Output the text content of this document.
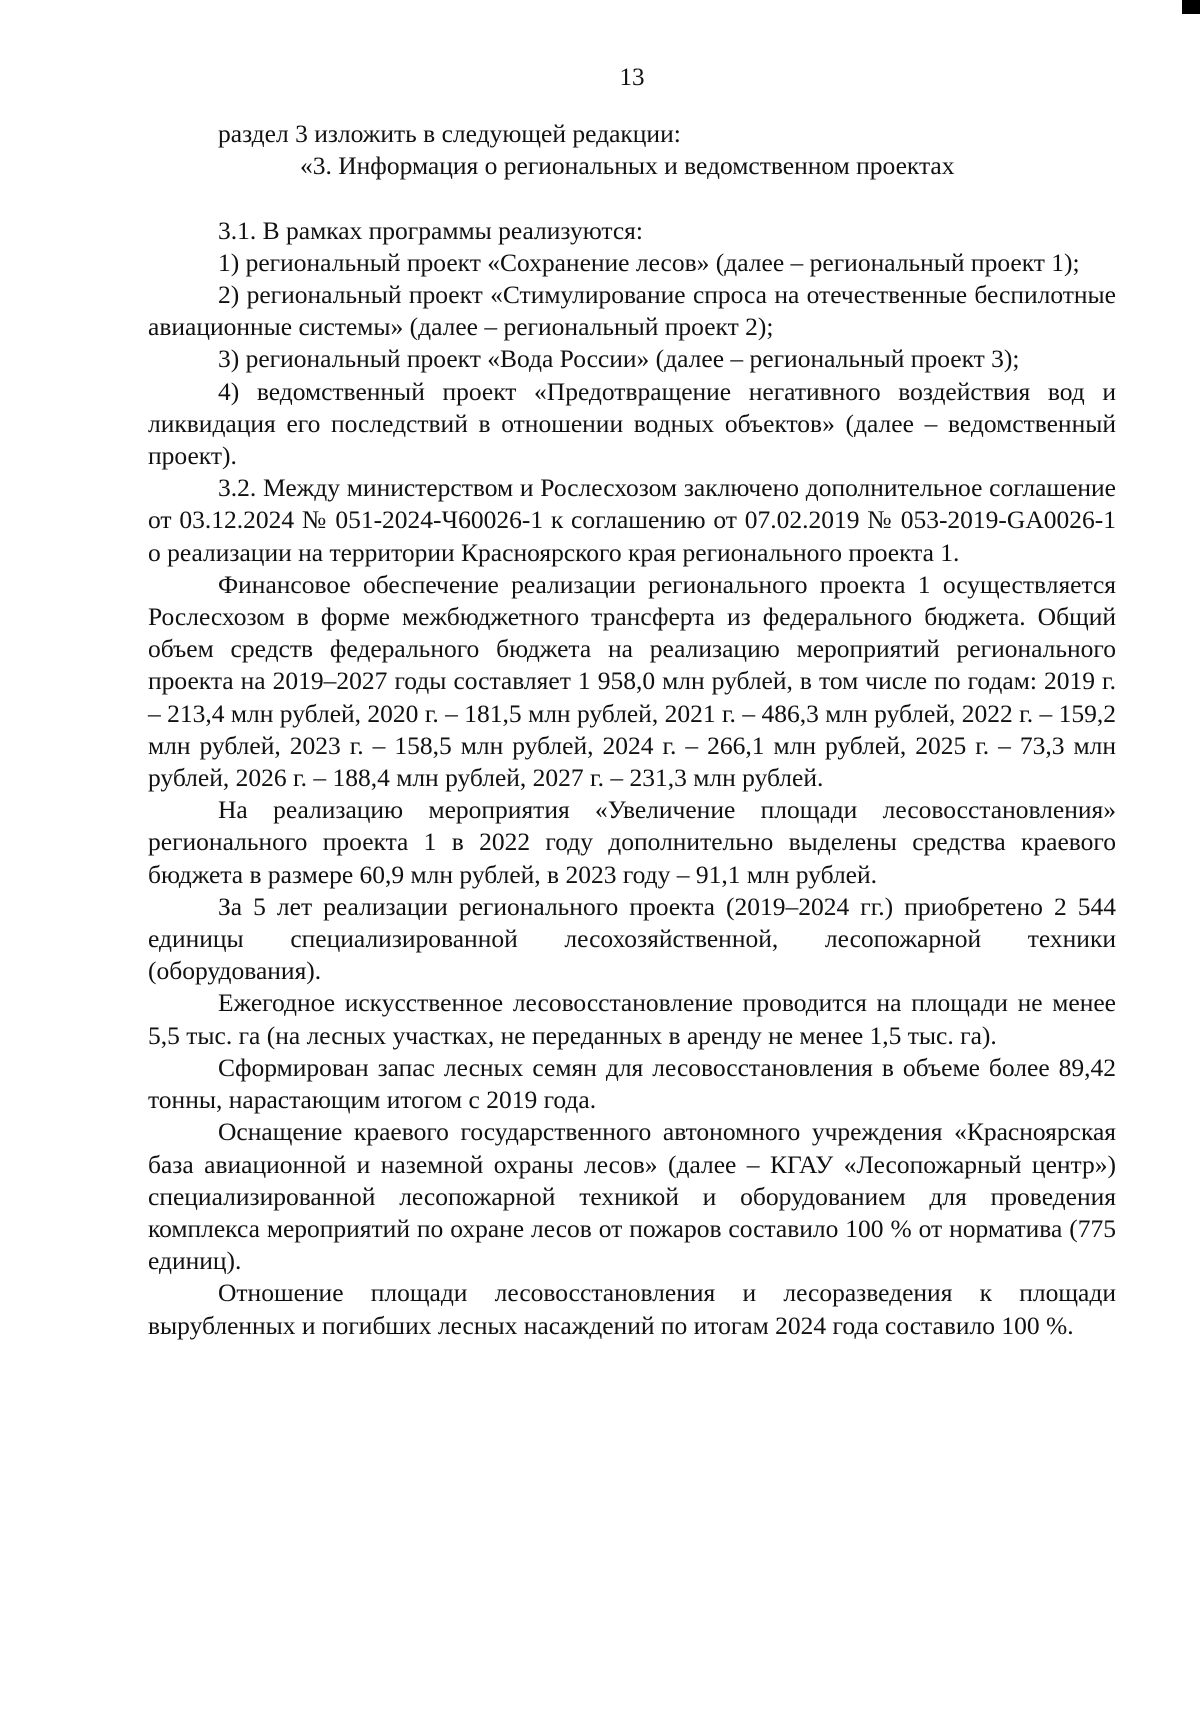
13

раздел 3 изложить в следующей редакции:

«3. Информация о региональных и ведомственном проектах

3.1. В рамках программы реализуются:

1) региональный проект «Сохранение лесов» (далее – региональный проект 1);

2) региональный проект «Стимулирование спроса на отечественные беспилотные авиационные системы» (далее – региональный проект 2);

3) региональный проект «Вода России» (далее – региональный проект 3);

4) ведомственный проект «Предотвращение негативного воздействия вод и ликвидация его последствий в отношении водных объектов» (далее – ведомственный проект).

3.2. Между министерством и Рослесхозом заключено дополнительное соглашение от 03.12.2024 № 051-2024-Ч60026-1 к соглашению от 07.02.2019 № 053-2019-GA0026-1 о реализации на территории Красноярского края регионального проекта 1.

Финансовое обеспечение реализации регионального проекта 1 осуществляется Рослесхозом в форме межбюджетного трансферта из федерального бюджета. Общий объем средств федерального бюджета на реализацию мероприятий регионального проекта на 2019–2027 годы составляет 1 958,0 млн рублей, в том числе по годам: 2019 г. – 213,4 млн рублей, 2020 г. – 181,5 млн рублей, 2021 г. – 486,3 млн рублей, 2022 г. – 159,2 млн рублей, 2023 г. – 158,5 млн рублей, 2024 г. – 266,1 млн рублей, 2025 г. – 73,3 млн рублей, 2026 г. – 188,4 млн рублей, 2027 г. – 231,3 млн рублей.

На реализацию мероприятия «Увеличение площади лесовосстановления» регионального проекта 1 в 2022 году дополнительно выделены средства краевого бюджета в размере 60,9 млн рублей, в 2023 году – 91,1 млн рублей.

За 5 лет реализации регионального проекта (2019–2024 гг.) приобретено 2 544 единицы специализированной лесохозяйственной, лесопожарной техники (оборудования).

Ежегодное искусственное лесовосстановление проводится на площади не менее 5,5 тыс. га (на лесных участках, не переданных в аренду не менее 1,5 тыс. га).

Сформирован запас лесных семян для лесовосстановления в объеме более 89,42 тонны, нарастающим итогом с 2019 года.

Оснащение краевого государственного автономного учреждения «Красноярская база авиационной и наземной охраны лесов» (далее – КГАУ «Лесопожарный центр») специализированной лесопожарной техникой и оборудованием для проведения комплекса мероприятий по охране лесов от пожаров составило 100 % от норматива (775 единиц).

Отношение площади лесовосстановления и лесоразведения к площади вырубленных и погибших лесных насаждений по итогам 2024 года составило 100 %.
